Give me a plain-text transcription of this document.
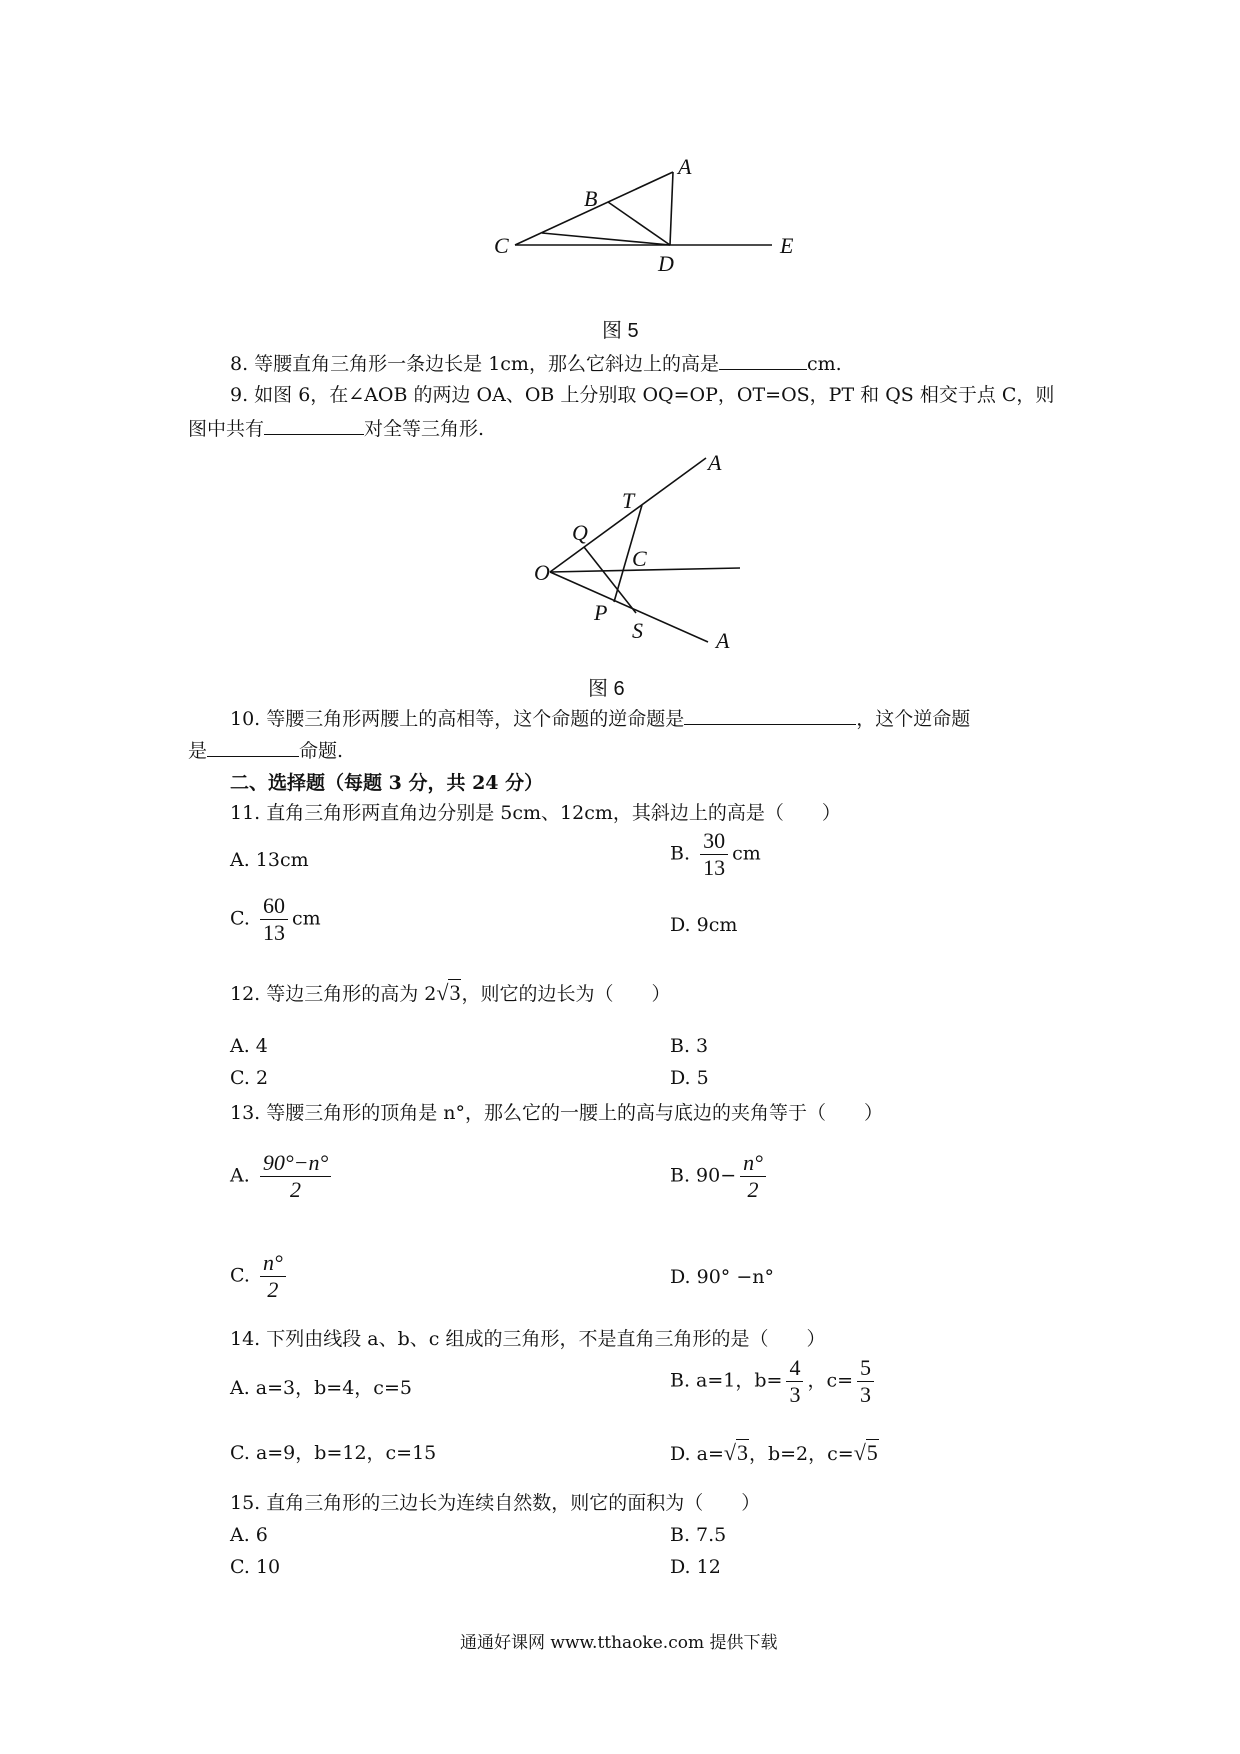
A
B
C
D
E
图 5
8. 等腰直角三角形一条边长是 1cm，那么它斜边上的高是	cm.
9. 如图 6，在∠AOB 的两边 OA、OB 上分别取 OQ=OP，OT=OS，PT 和 QS 相交于点 C，则
图中共有	对全等三角形.
A
T
Q
C
O
P
S	A
图 6
10. 等腰三角形两腰上的高相等，这个命题的逆命题是	，这个逆命题
是	命题.
二、选择题（每题 3 分，共 24 分）
11. 直角三角形两直角边分别是 5cm、12cm，其斜边上的高是（　　）
A. 13cm	B. $\frac{30}{13}$ cm
C. $\frac{60}{13}$ cm	D. 9cm
12. 等边三角形的高为 2√3，则它的边长为（　　）
A. 4	B. 3
C. 2	D. 5
13. 等腰三角形的顶角是 n°，那么它的一腰上的高与底边的夹角等于（　　）
A. $\frac{90^\circ-n^\circ}{2}$	B. $90- \frac{n^\circ}{2}$
C. $\frac{n^\circ}{2}$	D. 90° −n°
14. 下列由线段 a、b、c 组成的三角形，不是直角三角形的是（　　）
A. a=3，b=4，c=5	B. a=1，$b= \frac{4}{3}$ ，$c= \frac{5}{3}$
C. a=9，b=12，c=15	D. a=√3，b=2，c=√5
15. 直角三角形的三边长为连续自然数，则它的面积为（　　）
A. 6	B. 7.5
C. 10	D. 12
通通好课网 www.tthaoke.com 提供下载
